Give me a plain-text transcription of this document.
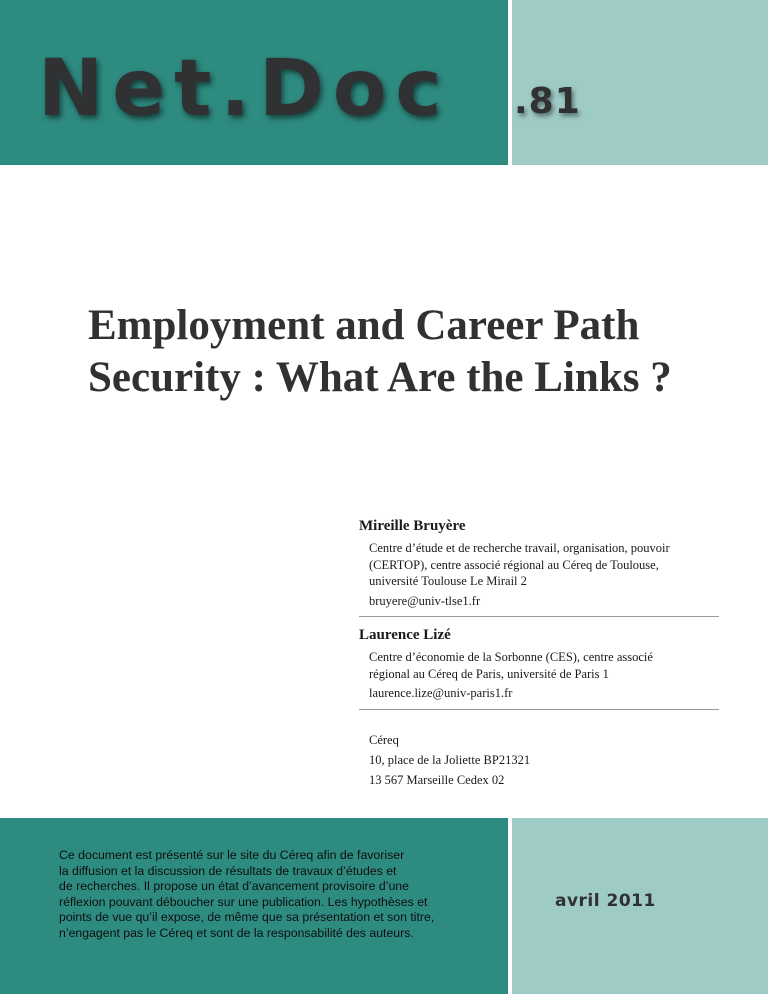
Net.Doc .81
Employment and Career Path
Security : What Are the Links ?
Mireille Bruyère
Centre d’étude et de recherche travail, organisation, pouvoir
(CERTOP), centre associé régional au Céreq de Toulouse,
université Toulouse Le Mirail 2
bruyere@univ-tlse1.fr
Laurence Lizé
Centre d’économie de la Sorbonne (CES), centre associé
régional au Céreq de Paris, université de Paris 1
laurence.lize@univ-paris1.fr
Céreq
10, place de la Joliette BP21321
13 567 Marseille Cedex 02
Ce document est présenté sur le site du Céreq afin de favoriser
la diffusion et la discussion de résultats de travaux d’études et
de recherches. Il propose un état d’avancement provisoire d’une
réflexion pouvant déboucher sur une publication. Les hypothèses et
points de vue qu’il expose, de même que sa présentation et son titre,
n’engagent pas le Céreq et sont de la responsabilité des auteurs.
avril 2011
